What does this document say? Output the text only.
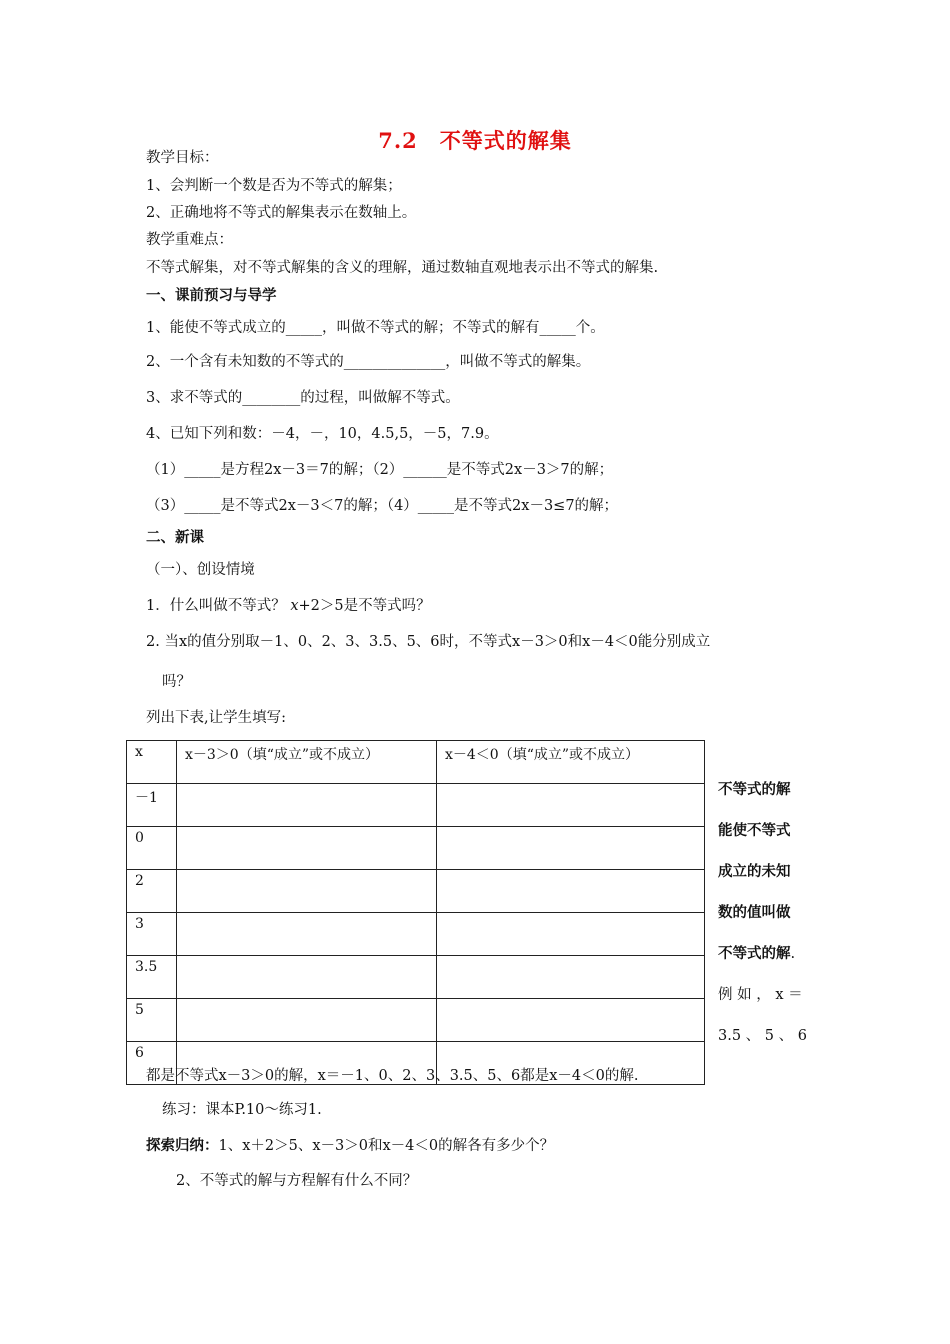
7.2　不等式的解集
教学目标：
1、会判断一个数是否为不等式的解集；
2、正确地将不等式的解集表示在数轴上。
教学重难点：
不等式解集，对不等式解集的含义的理解，通过数轴直观地表示出不等式的解集.
一、课前预习与导学
1、能使不等式成立的_____，叫做不等式的解；不等式的解有_____个。
2、一个含有未知数的不等式的______________，叫做不等式的解集。
3、求不等式的________的过程，叫做解不等式。
4、已知下列和数：－4，－，10，4.5,5，－5，7.9。
（1）_____是方程2x－3＝7的解；（2）______是不等式2x－3＞7的解；
（3）_____是不等式2x－3＜7的解；（4）_____是不等式2x－3≤7的解；
二、新课
（一）、创设情境
1．什么叫做不等式？ x+2＞5是不等式吗？
2. 当x的值分别取－1、0、2、3、3.5、5、6时，不等式x－3＞0和x－4＜0能分别成立
吗？
列出下表,让学生填写:
x	x－3＞0（填“成立”或不成立）	x－4＜0（填“成立”或不成立）
－1		
0		
2		
3		
3.5		
5		
6		
不等式的解
能使不等式
成立的未知
数的值叫做
不等式的解.
例 如 ， x ＝
3.5 、 5 、 6
都是不等式x－3＞0的解，x＝－1、0、2、3、3.5、5、6都是x－4＜0的解.
练习：课本P.10～练习1.
探索归纳：1、x＋2＞5、x－3＞0和x－4＜0的解各有多少个？
2、不等式的解与方程解有什么不同？
